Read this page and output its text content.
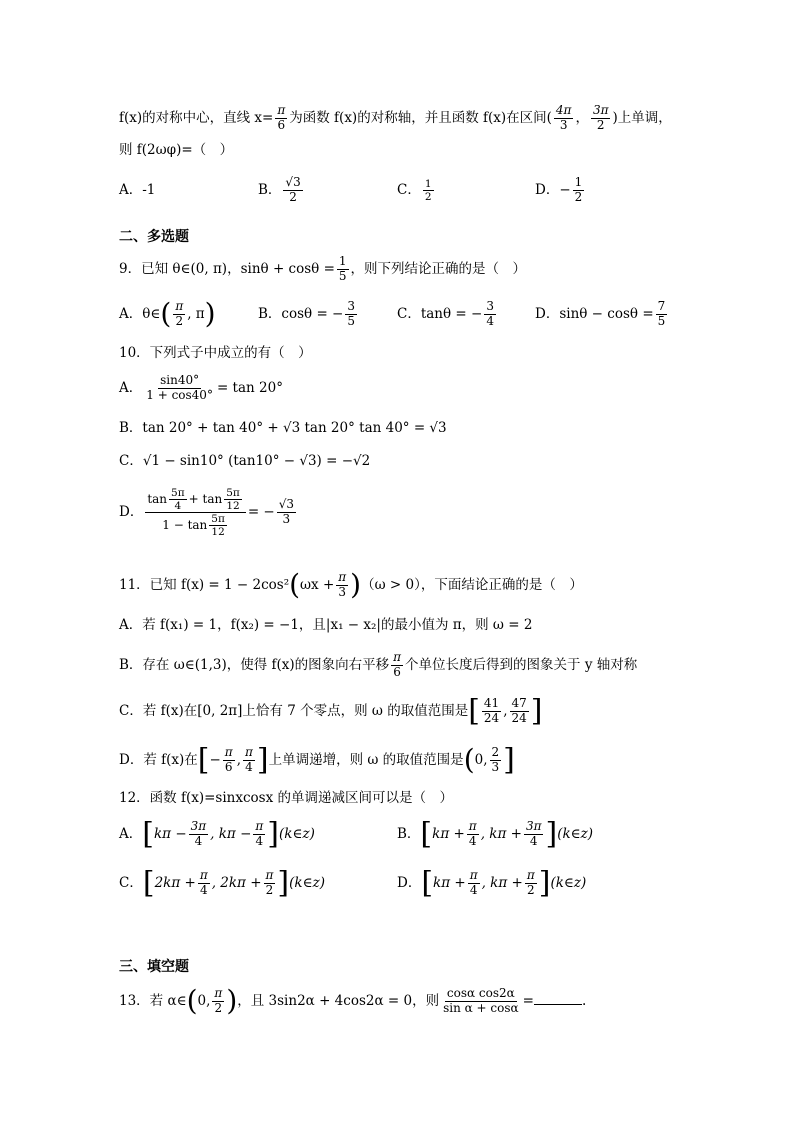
f(x)的对称中心，直线 $x= \frac{\pi}{6}$ 为函数 f(x)的对称轴，并且函数 f(x)在区间( $\frac{4\pi}{3}$ ， $\frac{3\pi}{2}$ )上单调，
则 f(2ωφ)=（　）
A．-1	B． $\frac{√3}{2}$	C． $\frac{1}{2}$	D．− $\frac{1}{2}$
二、多选题
9．已知 θ∈(0, π)，$\sin\theta + \cos\theta = \frac{1}{5}$ ，则下列结论正确的是（　）
A．θ∈( $\frac{\pi}{2}$ , π)	B．cosθ = − $\frac{3}{5}$	C．tanθ = − $\frac{3}{4}$	D．$\sin\theta - \cos\theta = \frac{7}{5}$
10．下列式子中成立的有（　）
A． $\frac{\sin 40^\circ}{1 + \cos 40^\circ} = \tan 20^\circ$
B．tan 20° + tan 40° + √3 tan 20° tan 40° = √3
C．√1 − sin10° (tan10° − √3) = −√2
D． $\frac{\tan \frac{5\pi}{4} + \tan \frac{5\pi}{12}}{1 - \tan \frac{5\pi}{12}}$ = − $\frac{√3}{3}$
11．已知 $f(x) = 1 - 2\cos^2(\omega x + \frac{\pi}{3} )(\omega > 0)$，下面结论正确的是（　）
A．若 f(x₁) = 1，f(x₂) = −1，且|x₁ − x₂|的最小值为 π，则 ω = 2
B．存在 ω∈(1,3)，使得 f(x)的图象向右平移 $\frac{\pi}{6}$ 个单位长度后得到的图象关于 y 轴对称
C．若 f(x)在[0, 2π]上恰有 7 个零点，则 ω 的取值范围是[ $\frac{41}{24}$ , $\frac{47}{24}$ ]
D．若 f(x)在[− $\frac{\pi}{6}$ , $\frac{\pi}{4}$ ]上单调递增，则 ω 的取值范围是(0, $\frac{2}{3}$ ]
12．函数 f(x)=sinxcosx 的单调递减区间可以是（　）
A．[$k\pi - \frac{3\pi}{4}$ , $k\pi - \frac{\pi}{4}$ ](k∈z)	B．[$k\pi + \frac{\pi}{4}$ , $k\pi + \frac{3\pi}{4}$ ](k∈z)
C．[$2k\pi + \frac{\pi}{4}$ , $2k\pi + \frac{\pi}{2}$ ](k∈z)	D．[$k\pi + \frac{\pi}{4}$ , $k\pi + \frac{\pi}{2}$ ](k∈z)
三、填空题
13．若 α∈(0, $\frac{\pi}{2}$ )，且 3sin2α + 4cos2α = 0，则 $\frac{\text{cosα cos2α}}{\text{sin α + cosα}}$ =	.
